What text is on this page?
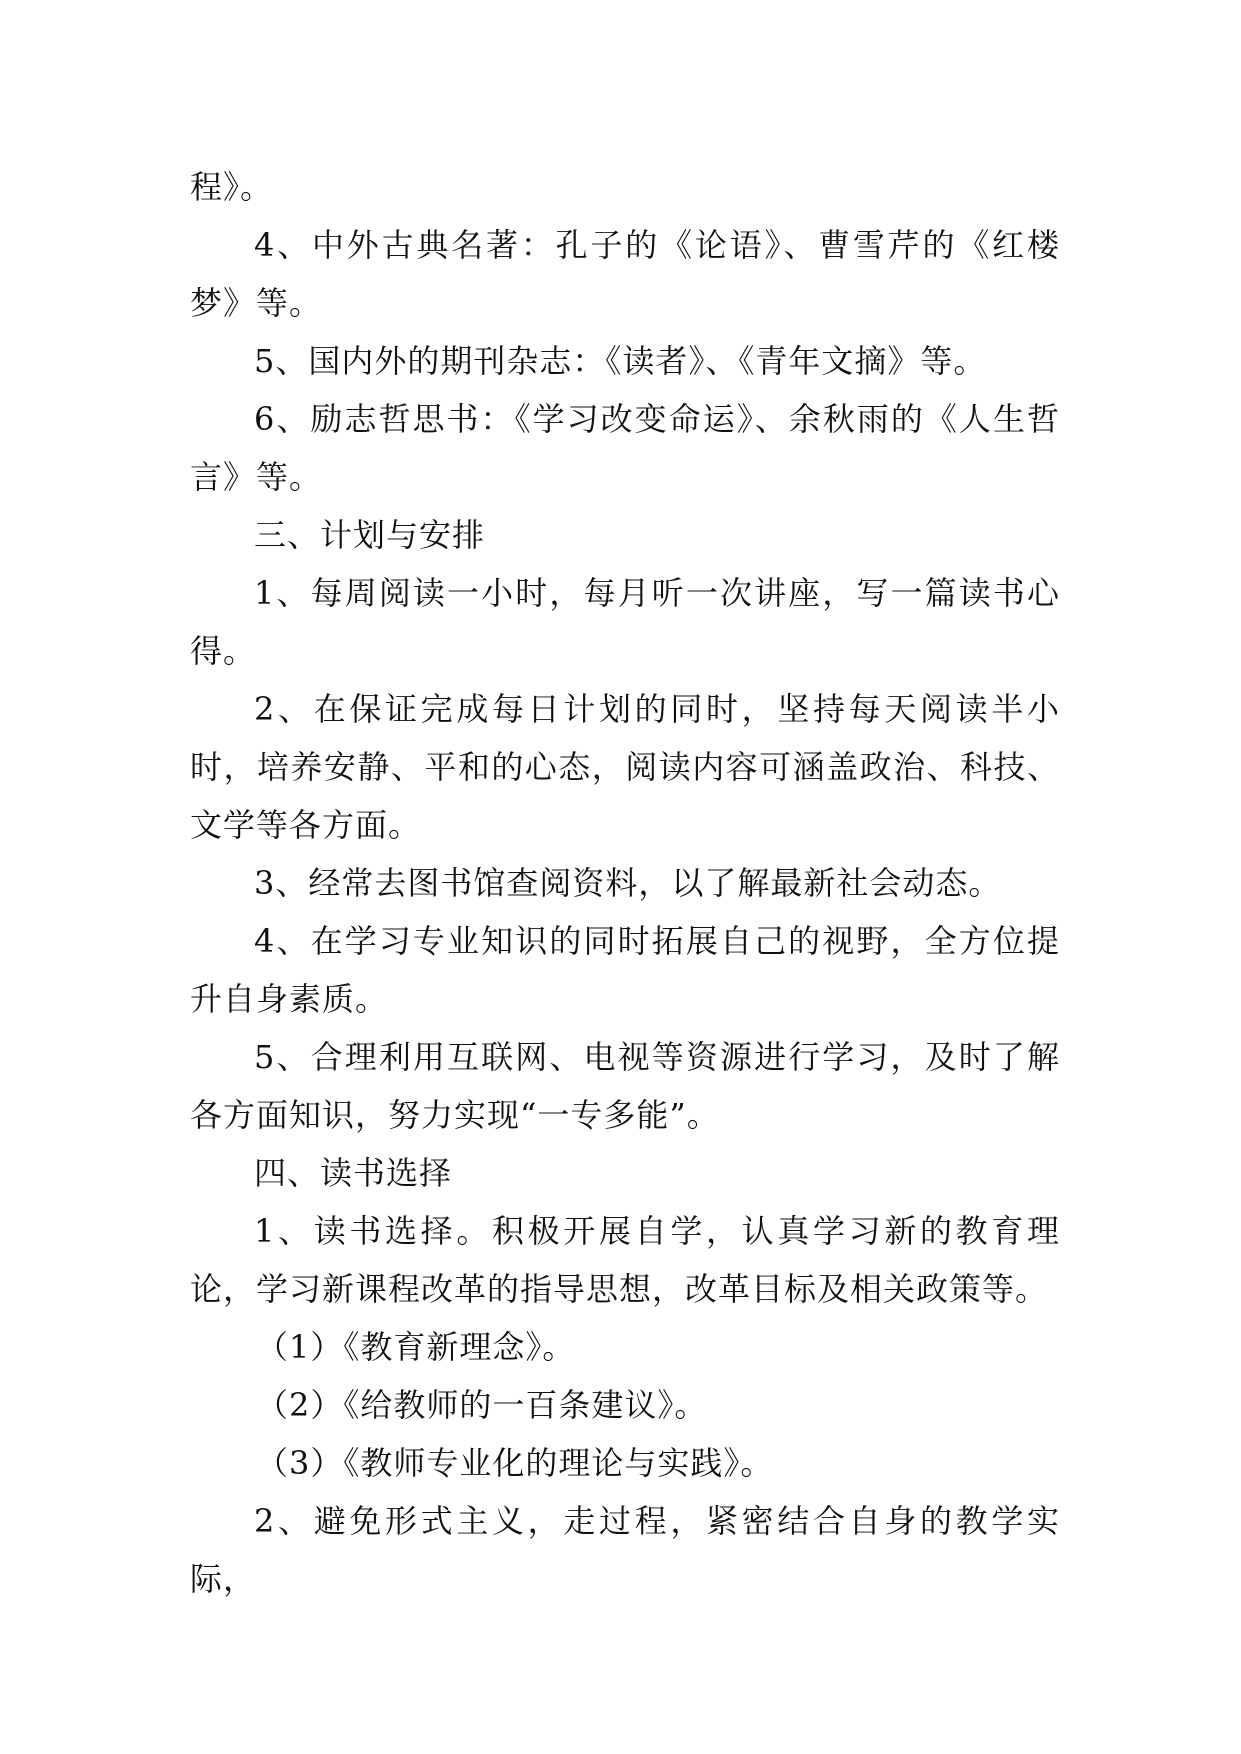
程》。

4、中外古典名著：孔子的《论语》、曹雪芹的《红楼梦》等。

5、国内外的期刊杂志：《读者》、《青年文摘》等。

6、励志哲思书：《学习改变命运》、余秋雨的《人生哲言》等。

三、计划与安排

1、每周阅读一小时，每月听一次讲座，写一篇读书心得。

2、在保证完成每日计划的同时，坚持每天阅读半小时，培养安静、平和的心态，阅读内容可涵盖政治、科技、文学等各方面。

3、经常去图书馆查阅资料，以了解最新社会动态。

4、在学习专业知识的同时拓展自己的视野，全方位提升自身素质。

5、合理利用互联网、电视等资源进行学习，及时了解各方面知识，努力实现“一专多能”。

四、读书选择

1、读书选择。积极开展自学，认真学习新的教育理论，学习新课程改革的指导思想，改革目标及相关政策等。

（1）《教育新理念》。

（2）《给教师的一百条建议》。

（3）《教师专业化的理论与实践》。

2、避免形式主义，走过程，紧密结合自身的教学实际，
